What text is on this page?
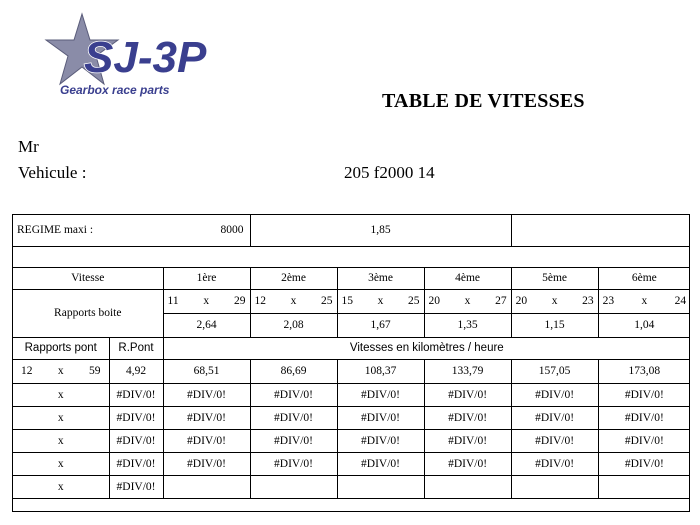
SJ-3P
Gearbox race parts	TABLE DE VITESSES
Mr
Vehicule :	205 f2000 14
REGIME maxi : 8000			1,85				

Vitesse		1ère	2ème	3ème	4ème	5ème	6ème
Rapports boite		11 x 29	12 x 25	15 x 25	20 x 27	20 x 23	23 x 24

		2,64	2,08	1,67	1,35	1,15	1,04
Rapports pont	R.Pont	Vitesses en kilomètres / heure					

12 x 59	4,92	68,51	86,69	108,37	133,79	157,05	173,08

x	#DIV/0!	#DIV/0!	#DIV/0!	#DIV/0!	#DIV/0!	#DIV/0!	#DIV/0!

x	#DIV/0!	#DIV/0!	#DIV/0!	#DIV/0!	#DIV/0!	#DIV/0!	#DIV/0!

x	#DIV/0!	#DIV/0!	#DIV/0!	#DIV/0!	#DIV/0!	#DIV/0!	#DIV/0!

x	#DIV/0!	#DIV/0!	#DIV/0!	#DIV/0!	#DIV/0!	#DIV/0!	#DIV/0!

x	#DIV/0!						
